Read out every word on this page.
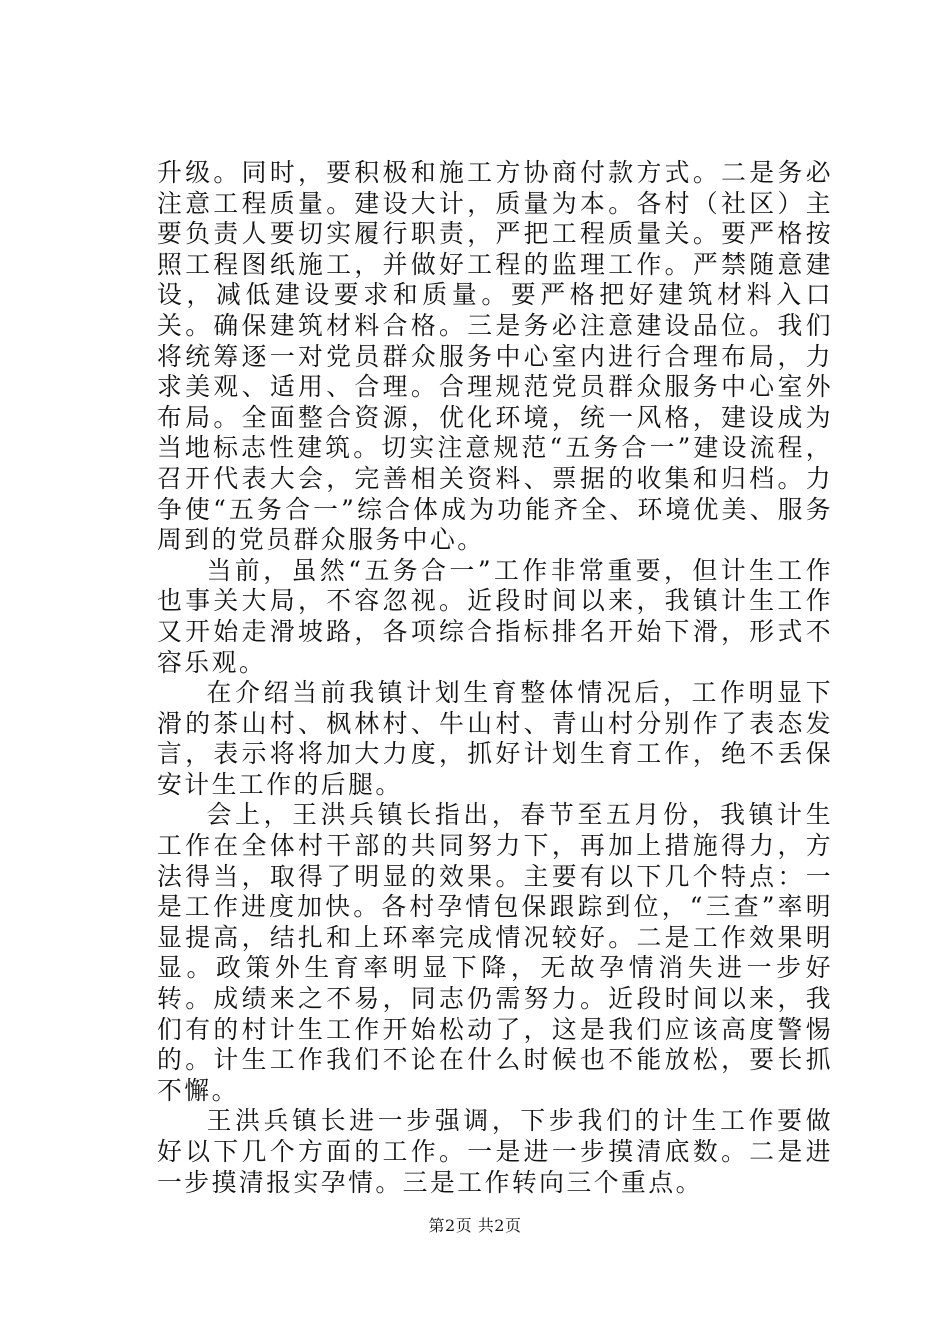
升级。同时，要积极和施工方协商付款方式。二是务必注意工程质量。建设大计，质量为本。各村（社区）主要负责人要切实履行职责，严把工程质量关。要严格按照工程图纸施工，并做好工程的监理工作。严禁随意建设，减低建设要求和质量。要严格把好建筑材料入口关。确保建筑材料合格。三是务必注意建设品位。我们将统筹逐一对党员群众服务中心室内进行合理布局，力求美观、适用、合理。合理规范党员群众服务中心室外布局。全面整合资源，优化环境，统一风格，建设成为当地标志性建筑。切实注意规范“五务合一”建设流程，召开代表大会，完善相关资料、票据的收集和归档。力争使“五务合一”综合体成为功能齐全、环境优美、服务周到的党员群众服务中心。

当前，虽然“五务合一”工作非常重要，但计生工作也事关大局，不容忽视。近段时间以来，我镇计生工作又开始走滑坡路，各项综合指标排名开始下滑，形式不容乐观。

在介绍当前我镇计划生育整体情况后，工作明显下滑的茶山村、枫林村、牛山村、青山村分别作了表态发言，表示将将加大力度，抓好计划生育工作，绝不丢保安计生工作的后腿。

会上，王洪兵镇长指出，春节至五月份，我镇计生工作在全体村干部的共同努力下，再加上措施得力，方法得当，取得了明显的效果。主要有以下几个特点：一是工作进度加快。各村孕情包保跟踪到位，“三查”率明显提高，结扎和上环率完成情况较好。二是工作效果明显。政策外生育率明显下降，无故孕情消失进一步好转。成绩来之不易，同志仍需努力。近段时间以来，我们有的村计生工作开始松动了，这是我们应该高度警惕的。计生工作我们不论在什么时候也不能放松，要长抓不懈。

王洪兵镇长进一步强调，下步我们的计生工作要做好以下几个方面的工作。一是进一步摸清底数。二是进一步摸清报实孕情。三是工作转向三个重点。

第2页 共2页
